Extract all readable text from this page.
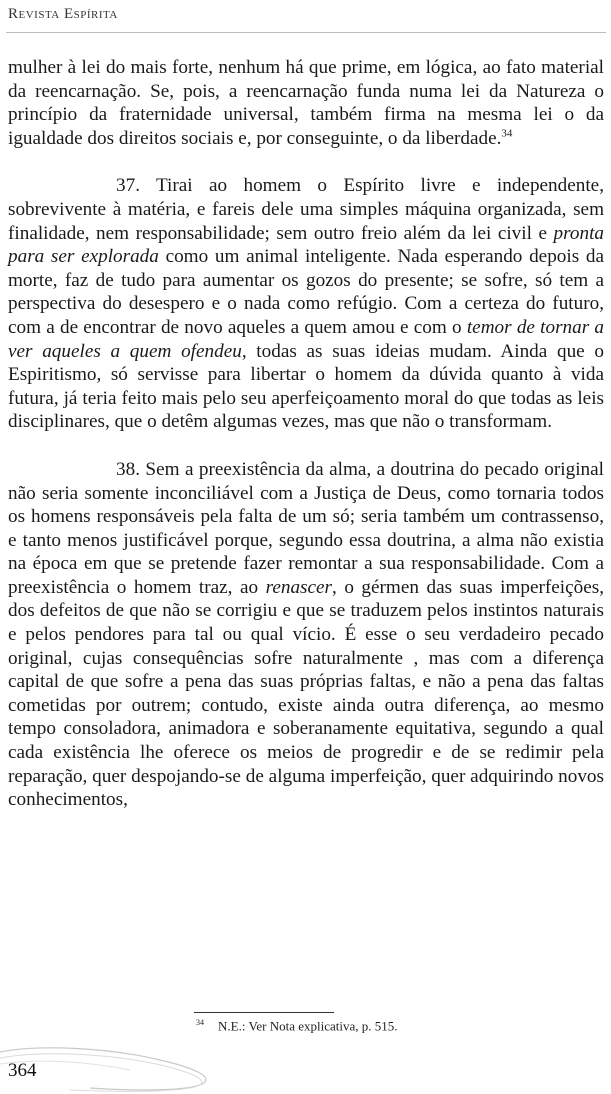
Revista Espírita

mulher à lei do mais forte, nenhum há que prime, em lógica, ao fato material da reencarnação. Se, pois, a reencarnação funda numa lei da Natureza o princípio da fraternidade universal, também firma na mesma lei o da igualdade dos direitos sociais e, por conseguinte, o da liberdade.$^{34}$

37. Tirai ao homem o Espírito livre e independente, sobrevivente à matéria, e fareis dele uma simples máquina organizada, sem finalidade, nem responsabilidade; sem outro freio além da lei civil e pronta para ser explorada como um animal inteligente. Nada esperando depois da morte, faz de tudo para aumentar os gozos do presente; se sofre, só tem a perspectiva do desespero e o nada como refúgio. Com a certeza do futuro, com a de encontrar de novo aqueles a quem amou e com o temor de tornar a ver aqueles a quem ofendeu, todas as suas ideias mudam. Ainda que o Espiritismo, só servisse para libertar o homem da dúvida quanto à vida futura, já teria feito mais pelo seu aperfeiçoamento moral do que todas as leis disciplinares, que o detêm algumas vezes, mas que não o transformam.

38. Sem a preexistência da alma, a doutrina do pecado original não seria somente inconciliável com a Justiça de Deus, como tornaria todos os homens responsáveis pela falta de um só; seria também um contrassenso, e tanto menos justificável porque, segundo essa doutrina, a alma não existia na época em que se pretende fazer remontar a sua responsabilidade. Com a preexistência o homem traz, ao renascer, o gérmen das suas imperfeições, dos defeitos de que não se corrigiu e que se traduzem pelos instintos naturais e pelos pendores para tal ou qual vício. É esse o seu verdadeiro pecado original, cujas consequências sofre naturalmente , mas com a diferença capital de que sofre a pena das suas próprias faltas, e não a pena das faltas cometidas por outrem; contudo, existe ainda outra diferença, ao mesmo tempo consoladora, animadora e soberanamente equitativa, segundo a qual cada existência lhe oferece os meios de progredir e de se redimir pela reparação, quer despojando-se de alguma imperfeição, quer adquirindo novos conhecimentos,

$^{34}$ N.E.: Ver Nota explicativa, p. 515.
364
